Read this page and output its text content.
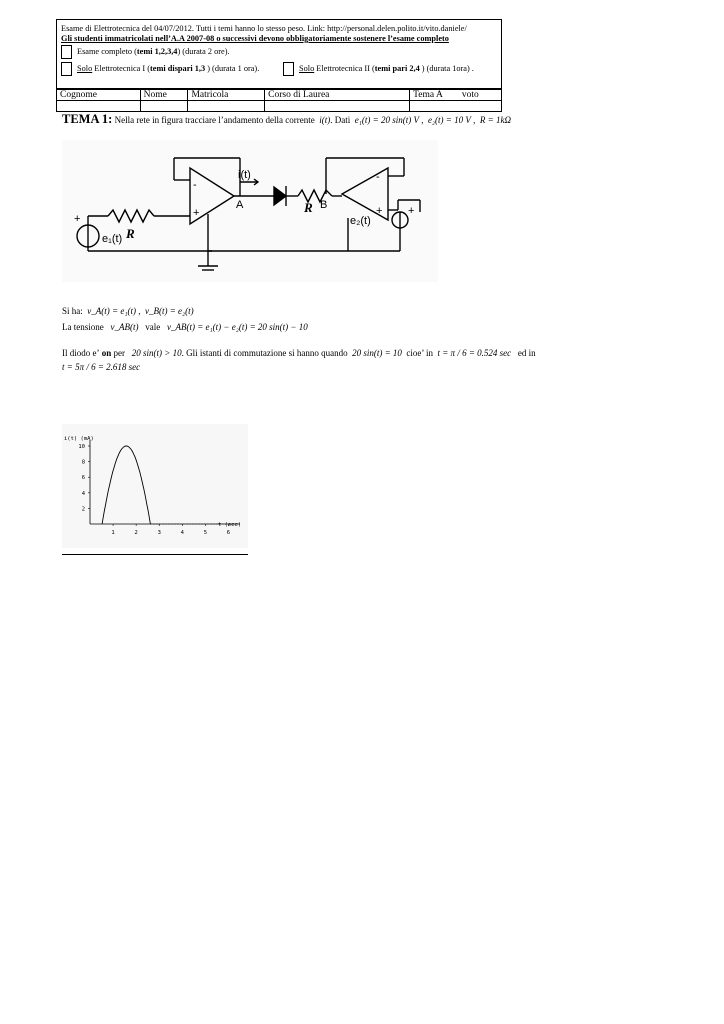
Esame di Elettrotecnica del 04/07/2012. Tutti i temi hanno lo stesso peso. Link: http://personal.delen.polito.it/vito.daniele/
Gli studenti immatricolati nell’A.A 2007-08 o successivi devono obbligatoriamente sostenere l’esame completo
Esame completo (temi 1,2,3,4) (durata 2 ore).
Solo Elettrotecnica I (temi dispari 1,3 ) (durata 1 ora).	Solo Elettrotecnica II (temi pari 2,4 ) (durata 1ora) .
Cognome	Nome	Matricola	Corso di Laurea	Tema A voto

TEMA 1: Nella rete in figura tracciare l’andamento della corrente i(t). Dati e₁(t) = 20 sin(t) V ,  e₂(t) = 10 V ,  R = 1kΩ
i(t)
A	B
e₁(t)
e₂(t)
+
+
-
+
-
+
R
R
Si ha: v_A(t) = e₁(t) ,  v_B(t) = e₂(t)
La tensione v_AB(t) vale v_AB(t) = e₁(t) − e₂(t) = 20 sin(t) − 10
Il diodo e’ on per 20 sin(t) > 10. Gli istanti di commutazione si hanno quando 20 sin(t) = 10 cioe’ in t = π / 6 = 0.524 sec ed in
t = 5π / 6 = 2.618 sec
1	2	3	4	5	6
2
4
6
8
10
i(t) (mA)
t (sec)
